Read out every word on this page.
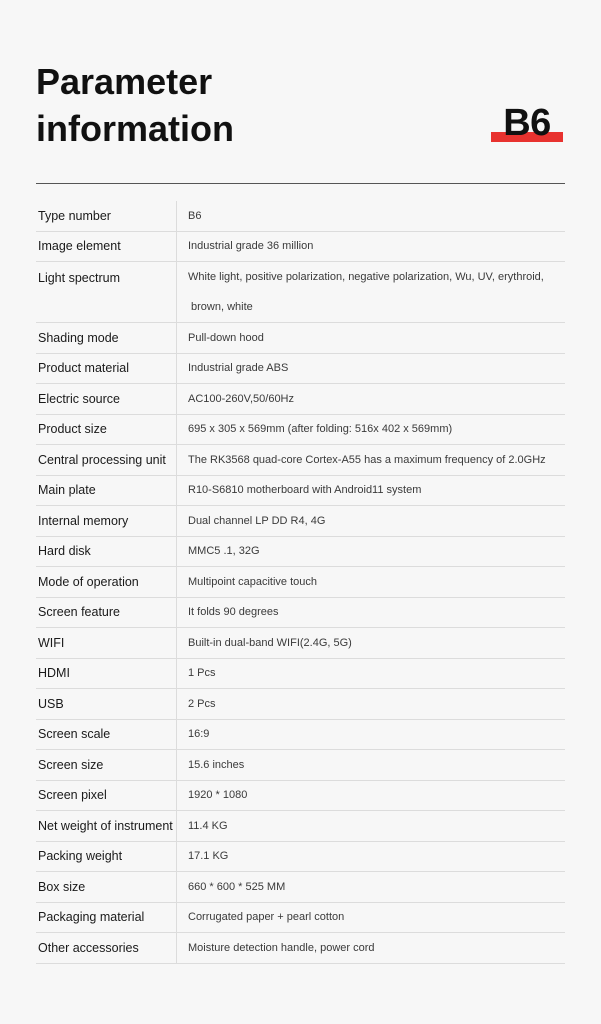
Parameter
information	B6
Type number	B6
Image element	Industrial grade 36 million
Light spectrum	White light, positive polarization, negative polarization, Wu, UV, erythroid,
brown, white

Shading mode	Pull-down hood
Product material	Industrial grade ABS
Electric source	AC100-260V,50/60Hz
Product size	695 x 305 x 569mm (after folding: 516x 402 x 569mm)
Central processing unit	The RK3568 quad-core Cortex-A55 has a maximum frequency of 2.0GHz
Main plate	R10-S6810 motherboard with Android11 system
Internal memory	Dual channel LP DD R4, 4G
Hard disk	MMC5 .1, 32G
Mode of operation	Multipoint capacitive touch
Screen feature	It folds 90 degrees
WIFI	Built-in dual-band WIFI(2.4G, 5G)
HDMI	1 Pcs
USB	2 Pcs
Screen scale	16:9
Screen size	15.6 inches
Screen pixel	1920 * 1080
Net weight of instrument	11.4 KG
Packing weight	17.1 KG
Box size	660 * 600 * 525 MM
Packaging material	Corrugated paper + pearl cotton
Other accessories	Moisture detection handle, power cord
